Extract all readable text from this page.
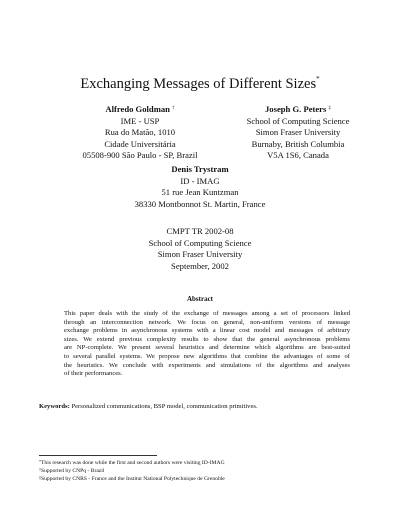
Exchanging Messages of Different Sizes*
Alfredo Goldman †
IME - USP
Rua do Matão, 1010
Cidade Universitária
05508-900 São Paulo - SP, Brazil
Joseph G. Peters ‡
School of Computing Science
Simon Fraser University
Burnaby, British Columbia
V5A 1S6, Canada
Denis Trystram
ID - IMAG
51 rue Jean Kuntzman
38330 Montbonnot St. Martin, France
CMPT TR 2002-08
School of Computing Science
Simon Fraser University
September, 2002
Abstract
This paper deals with the study of the exchange of messages among a set of processors linked
through an interconnection network. We focus on general, non-uniform versions of message
exchange problems in asynchronous systems with a linear cost model and messages of arbitrary
sizes. We extend previous complexity results to show that the general asynchronous problems
are NP-complete. We present several heuristics and determine which algorithms are best-suited
to several parallel systems. We propose new algorithms that combine the advantages of some of
the heuristics. We conclude with experiments and simulations of the algorithms and analyses
of their performances.
Keywords: Personalized communications, BSP model, communication primitives.
*This research was done while the first and second authors were visiting ID-IMAG
†Supported by CNPq - Brazil
‡Supported by CNRS - France and the Institut National Polytechnique de Grenoble
